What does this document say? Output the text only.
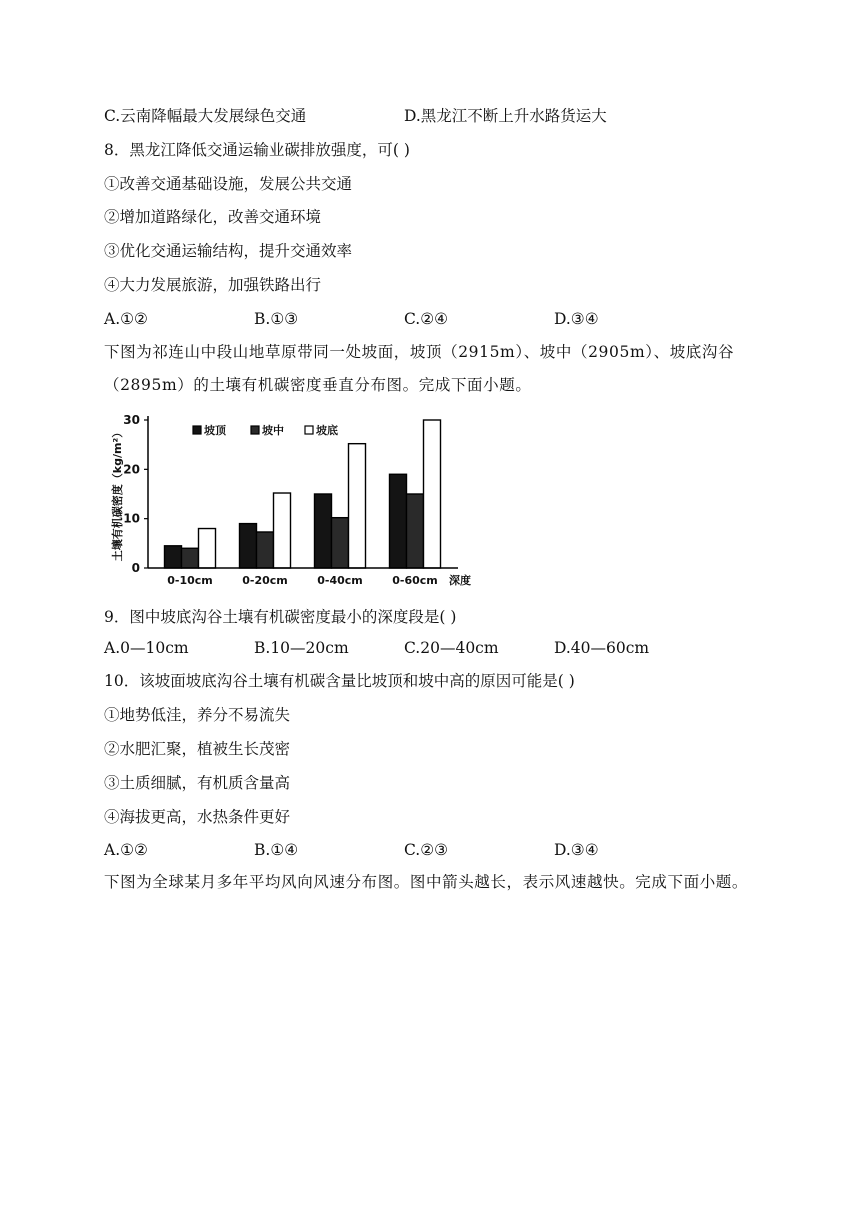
C.云南降幅最大发展绿色交通	D.黑龙江不断上升水路货运大
8．黑龙江降低交通运输业碳排放强度，可( )
①改善交通基础设施，发展公共交通
②增加道路绿化，改善交通环境
③优化交通运输结构，提升交通效率
④大力发展旅游，加强铁路出行
A.①②	B.①③	C.②④	D.③④
下图为祁连山中段山地草原带同一处坡面，坡顶（2915m）、坡中（2905m）、坡底沟谷（2895m）的土壤有机碳密度垂直分布图。完成下面小题。
坡顶	坡中	坡底
0
10
20
30
土壤有机碳密度（kg/m²）
0-10cm	0-20cm	0-40cm	0-60cm 深度
9．图中坡底沟谷土壤有机碳密度最小的深度段是( )
A.0—10cm	B.10—20cm	C.20—40cm	D.40—60cm
10．该坡面坡底沟谷土壤有机碳含量比坡顶和坡中高的原因可能是( )
①地势低洼，养分不易流失
②水肥汇聚，植被生长茂密
③土质细腻，有机质含量高
④海拔更高，水热条件更好
A.①②	B.①④	C.②③	D.③④
下图为全球某月多年平均风向风速分布图。图中箭头越长，表示风速越快。完成下面小题。
